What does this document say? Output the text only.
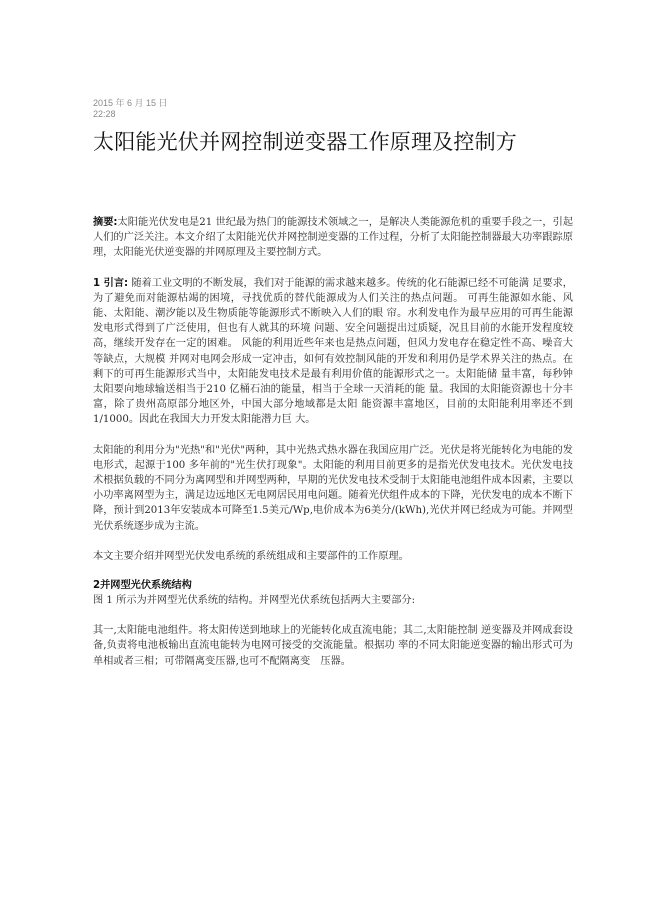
2015 年 6 月 15 日
22:28
太阳能光伏并网控制逆变器工作原理及控制方

摘要:太阳能光伏发电是21 世纪最为热门的能源技术领域之一，是解决人类能源危机的重要手段之一，引起人们的广泛关注。本文介绍了太阳能光伏并网控制逆变器的工作过程，分析了太阳能控制器最大功率跟踪原理，太阳能光伏逆变器的并网原理及主要控制方式。

1 引言: 随着工业文明的不断发展，我们对于能源的需求越来越多。传统的化石能源已经不可能满 足要求，为了避免而对能源枯竭的困境，寻找优质的替代能源成为人们关注的热点问题。 可再生能源如水能、风能、太阳能、潮汐能以及生物质能等能源形式不断映入人们的眼 帘。水利发电作为最早应用的可再生能源发电形式得到了广泛使用，但也有人就其的环境 问题、安全问题提出过质疑，况且目前的水能开发程度较高，继续开发存在一定的困难。 风能的利用近些年来也是热点问题，但风力发电存在稳定性不高、噪音大等缺点，大规模 并网对电网会形成一定冲击，如何有效控制风能的开发和利用仍是学术界关注的热点。在 剩下的可再生能源形式当中，太阳能发电技术是最有利用价值的能源形式之一。太阳能储 量丰富，每秒钟太阳要向地球输送相当于210 亿桶石油的能量，相当于全球一天消耗的能 量。我国的太阳能资源也十分丰富，除了贵州高原部分地区外，中国大部分地域都是太阳 能资源丰富地区，目前的太阳能利用率还不到1/1000。因此在我国大力开发太阳能潜力巨 大。

太阳能的利用分为"光热"和"光伏"两种，其中光热式热水器在我国应用广泛。光伏是将光能转化为电能的发电形式，起源于100 多年前的"光生伏打现象"。太阳能的利用目前更多的是指光伏发电技术。光伏发电技术根据负载的不同分为离网型和并网型两种，早期的光伏发电技术受制于太阳能电池组件成本因素，主要以小功率离网型为主，满足边远地区无电网居民用电问题。随着光伏组件成本的下降，光伏发电的成本不断下降，预计到2013年安装成本可降至1.5美元/Wp,电价成本为6美分/(kWh),光伏并网已经成为可能。并网型 光伏系统逐步成为主流。

本文主要介绍并网型光伏发电系统的系统组成和主要部件的工作原理。

2并网型光伏系统结构

图 1 所示为并网型光伏系统的结构。并网型光伏系统包括两大主要部分:

其一,太阳能电池组件。将太阳传送到地球上的光能转化成直流电能；其二,太阳能控制 逆变器及并网成套设备,负责将电池板输出直流电能转为电网可接受的交流能量。根据功 率的不同太阳能逆变器的输出形式可为单相或者三相；可带隔离变压器,也可不配隔离变　压器。
